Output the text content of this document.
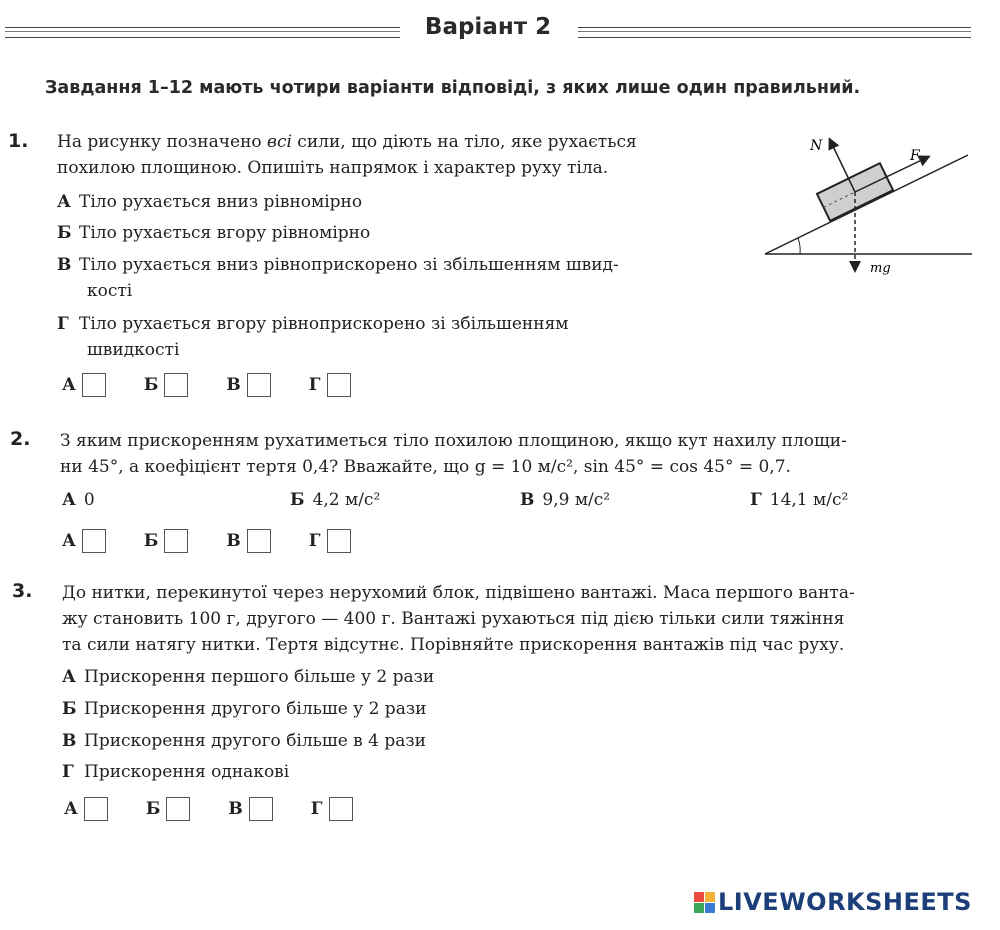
Варіант 2
Завдання 1–12 мають чотири варіанти відповіді, з яких лише один правильний.
1. На рисунку позначено всі сили, що діють на тіло, яке рухається
похилою площиною. Опишіть напрямок і характер руху тіла.
А Тіло рухається вниз рівномірно
Б Тіло рухається вгору рівномірно
В Тіло рухається вниз рівноприскорено зі збільшенням швид-
кості
Г Тіло рухається вгору рівноприскорено зі збільшенням
швидкості
N
F
mg
А	Б	В	Г
2. З яким прискоренням рухатиметься тіло похилою площиною, якщо кут нахилу площи-
ни 45°, а коефіцієнт тертя 0,4? Вважайте, що g = 10 м/с², sin 45° = cos 45° = 0,7.
А 0	Б 4,2 м/с²	В 9,9 м/с²	Г 14,1 м/с²
А	Б	В	Г
3. До нитки, перекинутої через нерухомий блок, підвішено вантажі. Маса першого ванта-
жу становить 100 г, другого — 400 г. Вантажі рухаються під дією тільки сили тяжіння
та сили натягу нитки. Тертя відсутнє. Порівняйте прискорення вантажів під час руху.
А Прискорення першого більше у 2 рази
Б Прискорення другого більше у 2 рази
В Прискорення другого більше в 4 рази
Г Прискорення однакові
А	Б	В	Г
LIVEWORKSHEETS
